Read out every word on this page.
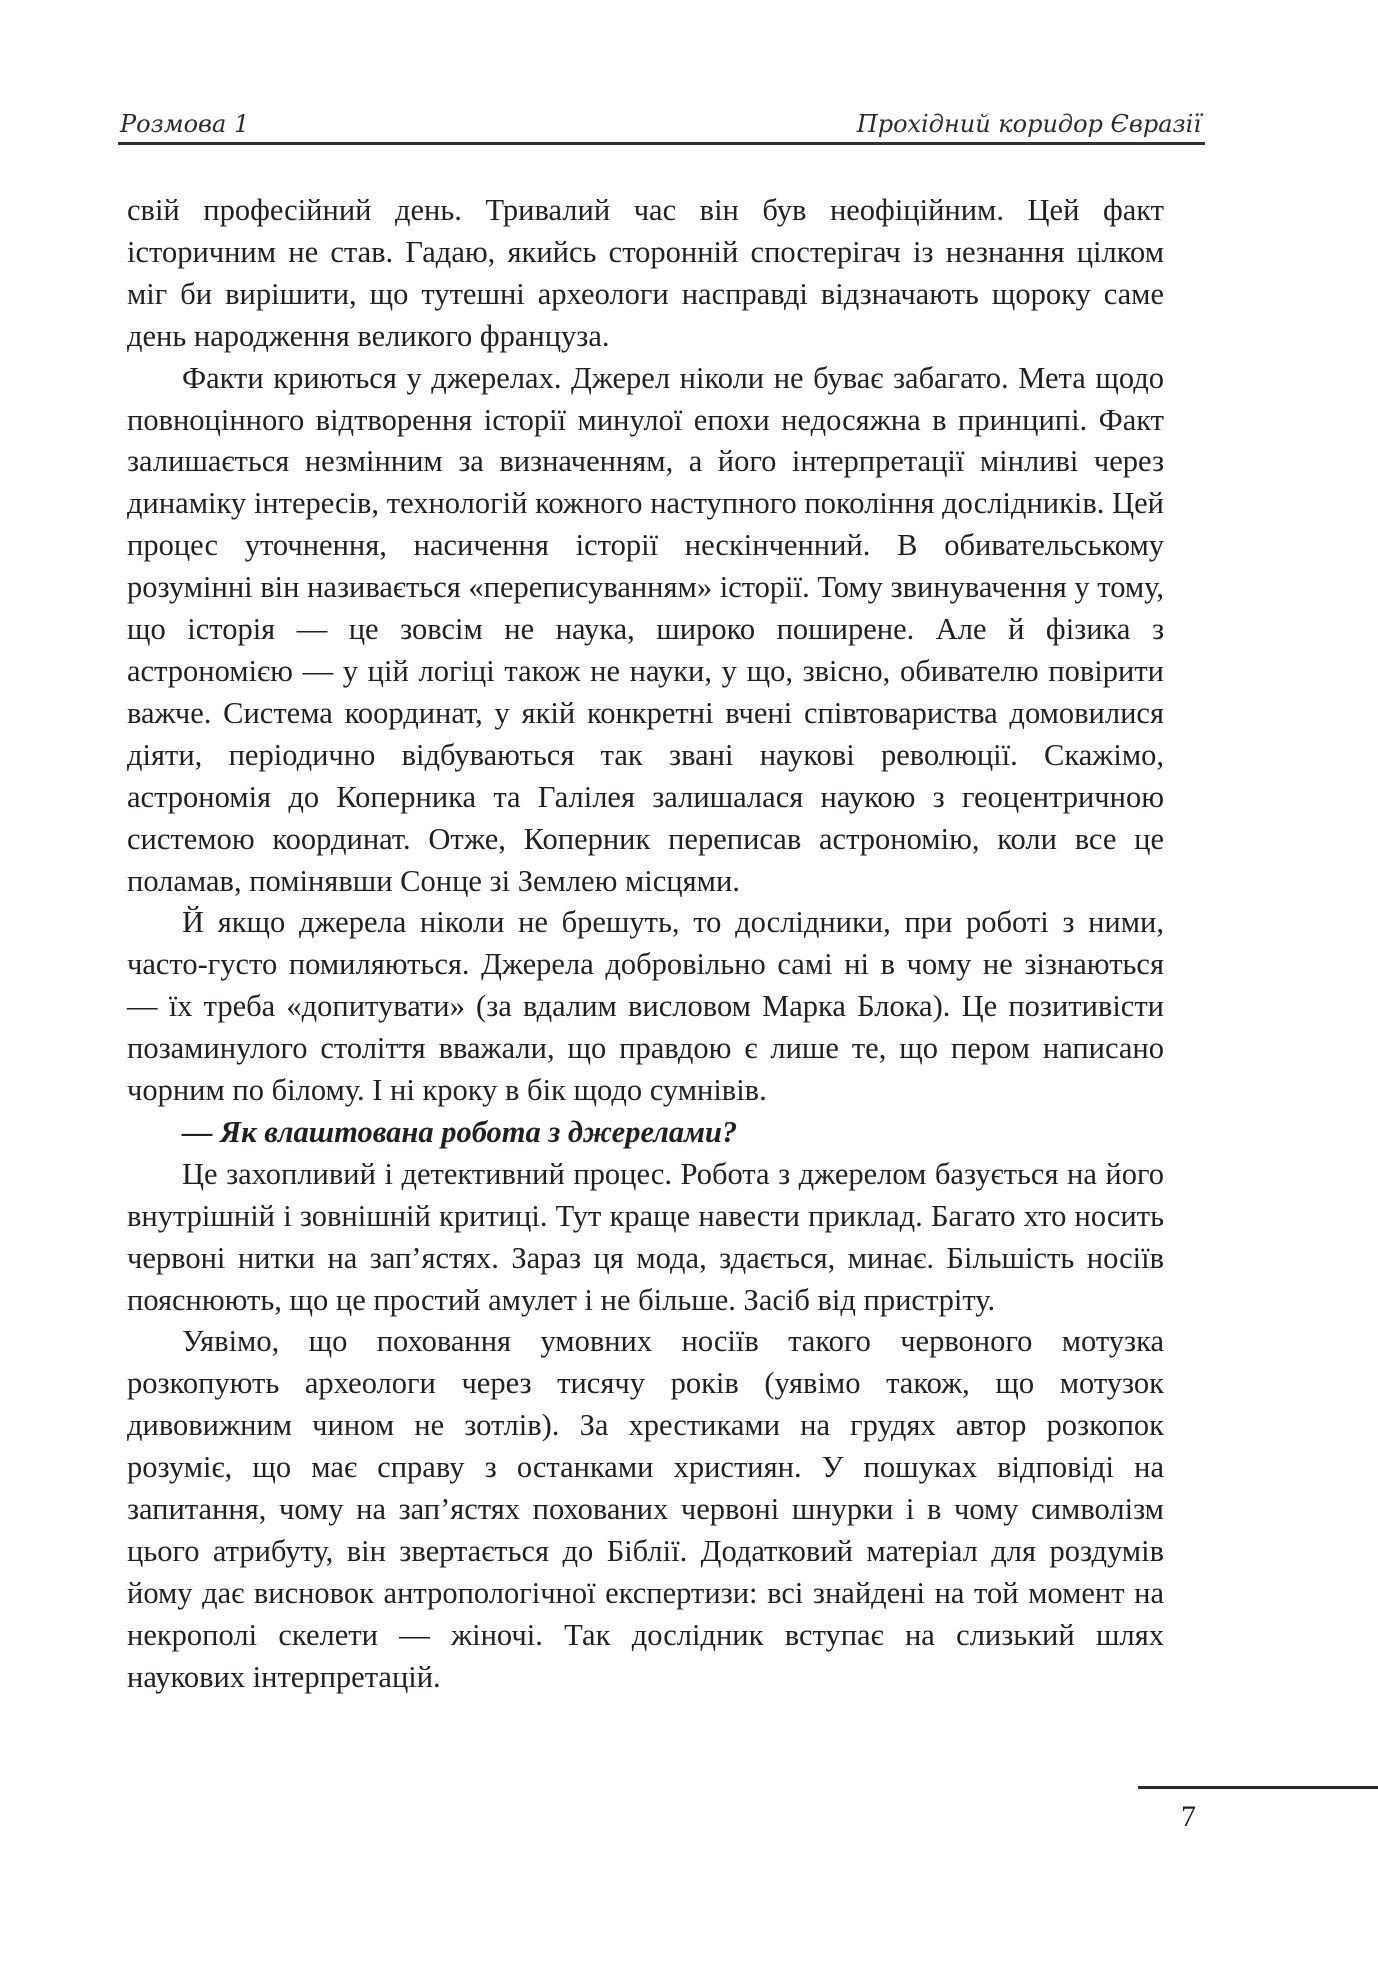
Розмова 1	Прохідний коридор Євразії

свій професійний день. Тривалий час він був неофіційним. Цей факт історичним не став. Гадаю, якийсь сторонній спостерігач із незнання цілком міг би вирішити, що тутешні археологи насправді відзначають щороку саме день народження великого француза.

Факти криються у джерелах. Джерел ніколи не буває забагато. Мета щодо повноцінного відтворення історії минулої епохи недосяжна в принципі. Факт залишається незмінним за визначенням, а його інтерпретації мінливі через динаміку інтересів, технологій кожного наступного покоління дослідників. Цей процес уточнення, насичення історії нескінченний. В обивательському розумінні він називається «переписуванням» історії. Тому звинувачення у тому, що історія — це зовсім не наука, широко поширене. Але й фізика з астрономією — у цій логіці також не науки, у що, звісно, обивателю повірити важче. Система координат, у якій конкретні вчені співтовариства домовилися діяти, періодично відбуваються так звані наукові революції. Скажімо, астрономія до Коперника та Галілея залишалася наукою з геоцентричною системою координат. Отже, Коперник переписав астрономію, коли все це поламав, помінявши Сонце зі Землею місцями.

Й якщо джерела ніколи не брешуть, то дослідники, при роботі з ними, часто-густо помиляються. Джерела добровільно самі ні в чому не зізнаються — їх треба «допитувати» (за вдалим висловом Марка Блока). Це позитивісти позаминулого століття вважали, що правдою є лише те, що пером написано чорним по білому. І ні кроку в бік щодо сумнівів.

— Як влаштована робота з джерелами?

Це захопливий і детективний процес. Робота з джерелом базується на його внутрішній і зовнішній критиці. Тут краще навести приклад. Багато хто носить червоні нитки на зап’ястях. Зараз ця мода, здається, минає. Більшість носіїв пояснюють, що це простий амулет і не більше. Засіб від пристріту.

Уявімо, що поховання умовних носіїв такого червоного мотузка розкопують археологи через тисячу років (уявімо також, що мотузок дивовижним чином не зотлів). За хрестиками на грудях автор розкопок розуміє, що має справу з останками християн. У пошуках відповіді на запитання, чому на зап’ястях похованих червоні шнурки і в чому символізм цього атрибуту, він звертається до Біблії. Додатковий матеріал для роздумів йому дає висновок антропологічної експертизи: всі знайдені на той момент на некрополі скелети — жіночі. Так дослідник вступає на слизький шлях наукових інтерпретацій.

7
